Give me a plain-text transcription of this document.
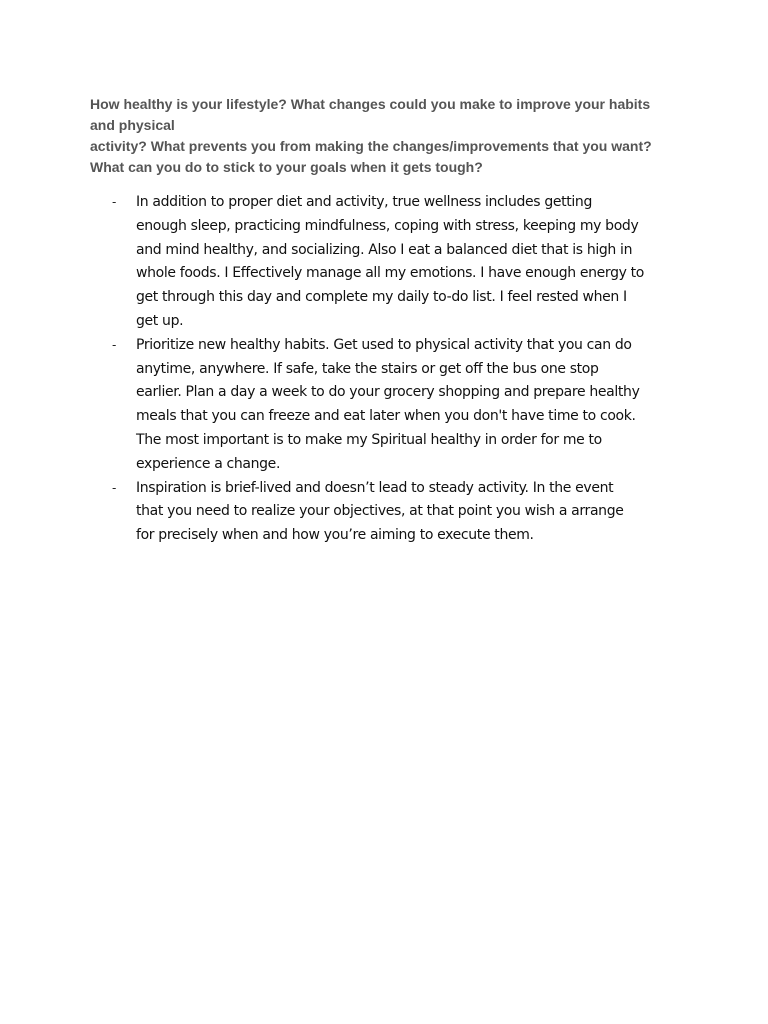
How healthy is your lifestyle? What changes could you make to improve your habits
and physical
activity? What prevents you from making the changes/improvements that you want?
What can you do to stick to your goals when it gets tough?
- In addition to proper diet and activity, true wellness includes getting
enough sleep, practicing mindfulness, coping with stress, keeping my body
and mind healthy, and socializing. Also I eat a balanced diet that is high in
whole foods. I Effectively manage all my emotions. I have enough energy to
get through this day and complete my daily to-do list. I feel rested when I
get up.
- Prioritize new healthy habits. Get used to physical activity that you can do
anytime, anywhere. If safe, take the stairs or get off the bus one stop
earlier. Plan a day a week to do your grocery shopping and prepare healthy
meals that you can freeze and eat later when you don't have time to cook.
The most important is to make my Spiritual healthy in order for me to
experience a change.
- Inspiration is brief-lived and doesn’t lead to steady activity. In the event
that you need to realize your objectives, at that point you wish a arrange
for precisely when and how you’re aiming to execute them.
